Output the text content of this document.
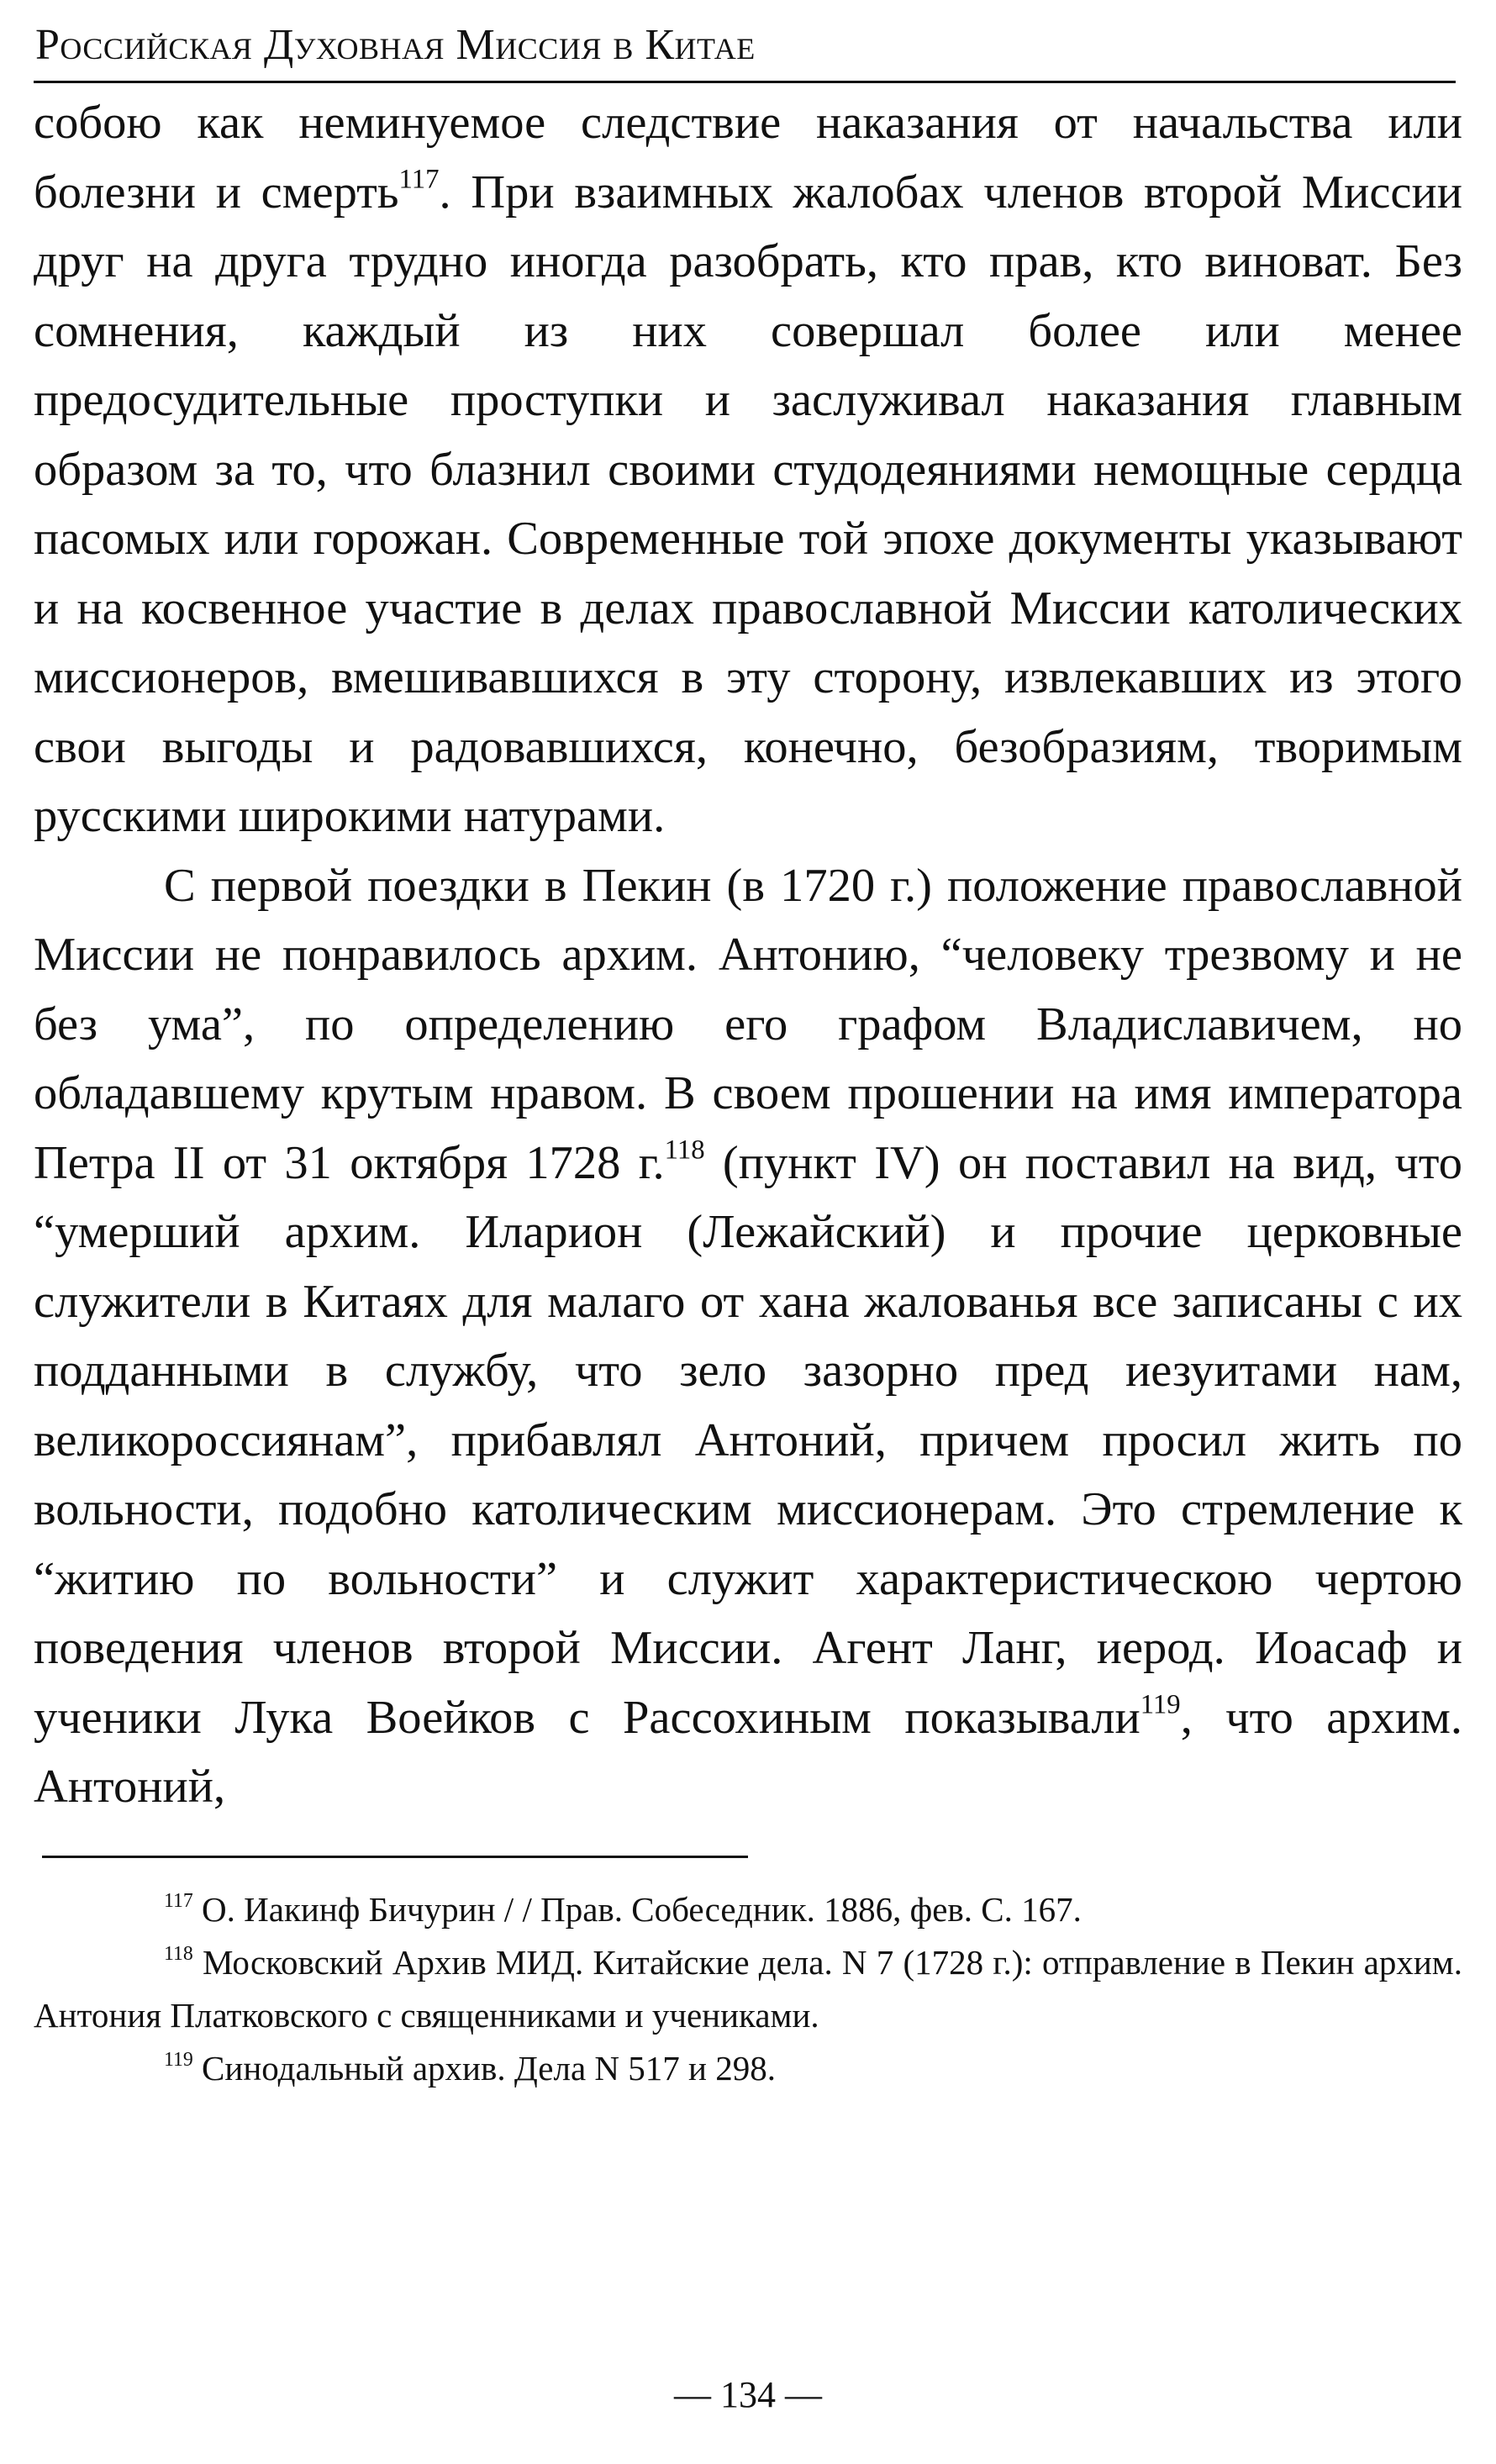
Российская Духовная Миссия в Китае

собою как неминуемое следствие наказания от начальства или болезни и смерть$^{117}$. При взаимных жалобах членов второй Миссии друг на друга трудно иногда разобрать, кто прав, кто виноват. Без сомнения, каждый из них совершал более или менее предосудительные проступки и заслуживал наказания главным образом за то, что блазнил своими студодеяниями немощные сердца пасомых или горожан. Современные той эпохе документы указывают и на косвенное участие в делах православной Миссии католических миссионеров, вмешивавшихся в эту сторону, извлекавших из этого свои выгоды и радовавшихся, конечно, безобразиям, творимым русскими широкими натурами.

С первой поездки в Пекин (в 1720 г.) положение православной Миссии не понравилось архим. Антонию, “человеку трезвому и не без ума”, по определению его графом Владиславичем, но обладавшему крутым нравом. В своем прошении на имя императора Петра II от 31 октября 1728 г.$^{118}$ (пункт IV) он поставил на вид, что “умерший архим. Иларион (Лежайский) и прочие церковные служители в Китаях для малаго от хана жалованья все записаны с их подданными в службу, что зело зазорно пред иезуитами нам, великороссиянам”, прибавлял Антоний, причем просил жить по вольности, подобно католическим миссионерам. Это стремление к “житию по вольности” и служит характеристическою чертою поведения членов второй Миссии. Агент Ланг, иерод. Иоасаф и ученики Лука Воейков с Рассохиным показывали$^{119}$, что архим. Антоний,

$^{117}$ О. Иакинф Бичурин / / Прав. Собеседник. 1886, фев. С. 167.

$^{118}$ Московский Архив МИД. Китайские дела. N 7 (1728 г.): отправление в Пекин архим. Антония Платковского с священниками и учениками.

$^{119}$ Синодальный архив. Дела N 517 и 298.

— 134 —
